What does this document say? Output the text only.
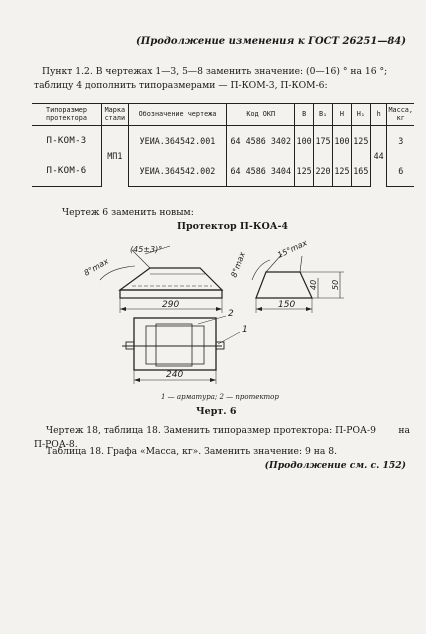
(Продолжение изменения к ГОСТ 26251—84)
Пункт 1.2. В чертежах 1—3, 5—8 заменить значение: (0—16) ° на 16 °;
таблицу 4 дополнить типоразмерами — П-КОМ-3, П-КОМ-6:
Типоразмер протектора	Марка стали	Обозначение чертежа	Код ОКП	B	B₁	H	H₁	h	Масса, кг
П-КОМ-3	МП1	УЕИА.364542.001	64 4586 3402	100	175	100	125	44	3
П-КОМ-6		УЕИА.364542.002	64 4586 3404	125	220	125	165		6
Чертеж 6 заменить новым:
Протектор П-КОА-4
(45±3)°
8°max
290
15°max
8°max
150
40 50
2
1
240
1 — арматура; 2 — протектор
Черт. 6
Чертеж 18, таблица 18. Заменить типоразмер протектора: П-РОА-9 на
П-РОА-8.
Таблица 18. Графа «Масса, кг». Заменить значение: 9 на 8.
(Продолжение см. с. 152)
